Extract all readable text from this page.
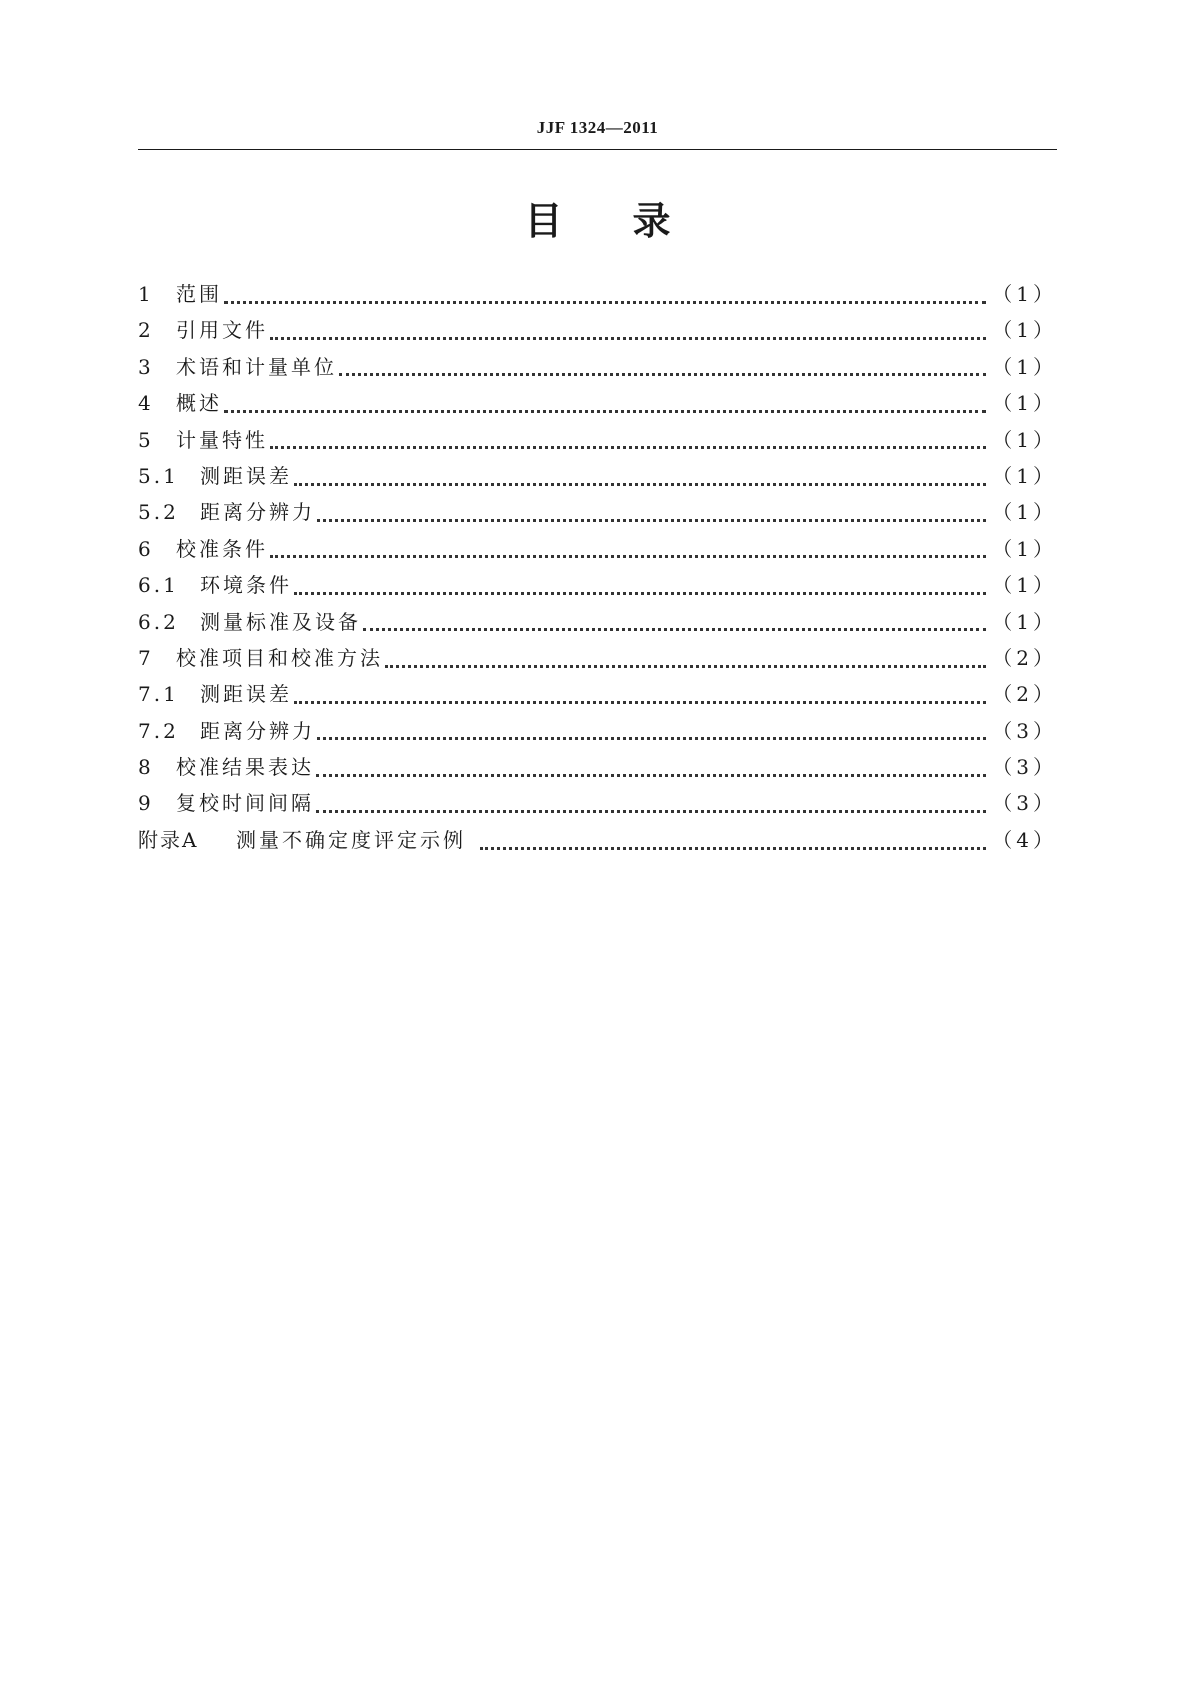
JJF 1324—2011
目录
1	范围	（1）
2	引用文件	（1）
3	术语和计量单位	（1）
4	概述	（1）
5	计量特性	（1）
5.1	测距误差	（1）
5.2	距离分辨力	（1）
6	校准条件	（1）
6.1	环境条件	（1）
6.2	测量标准及设备	（1）
7	校准项目和校准方法	（2）
7.1	测距误差	（2）
7.2	距离分辨力	（3）
8	校准结果表达	（3）
9	复校时间间隔	（3）
附录A	测量不确定度评定示例	（4）
